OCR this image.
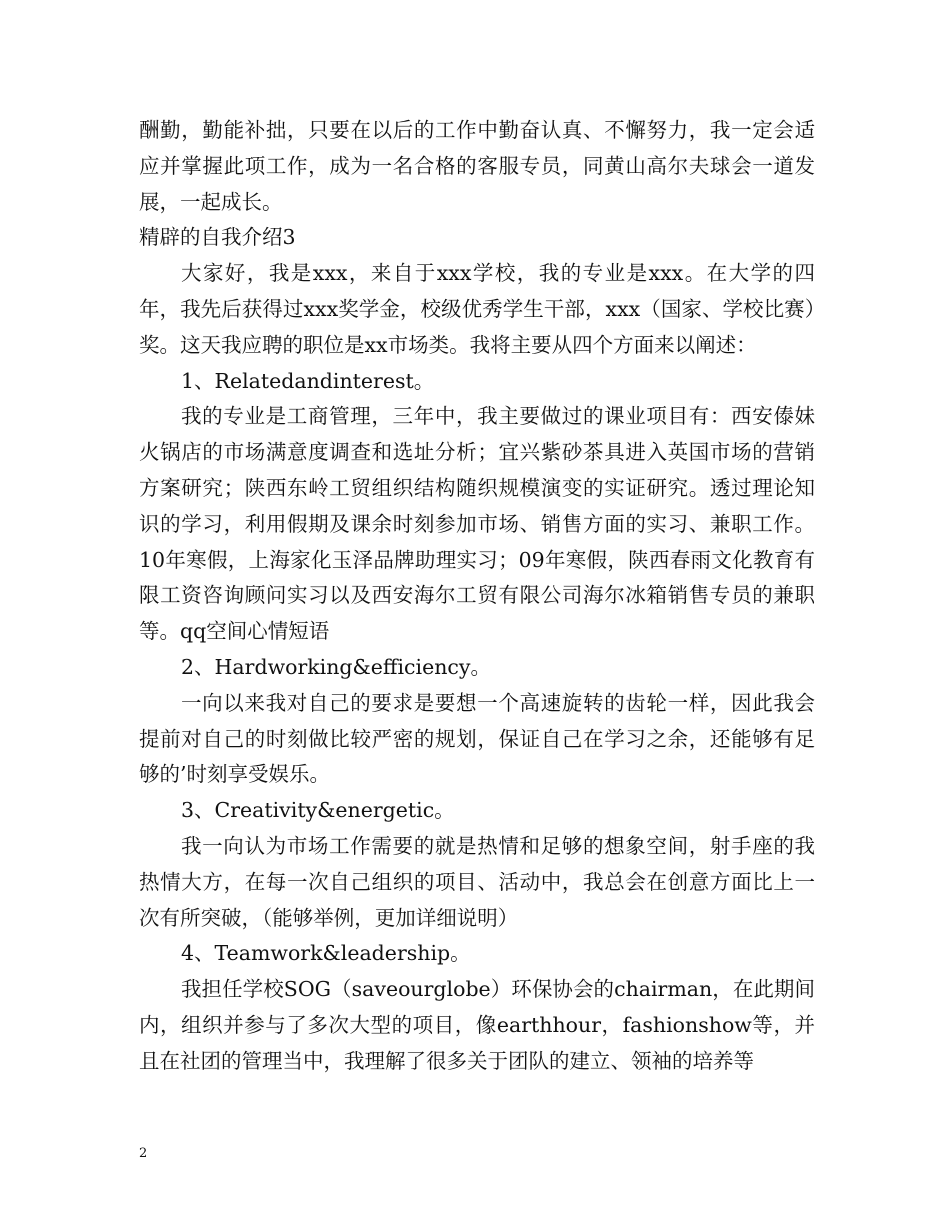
酬勤，勤能补拙，只要在以后的工作中勤奋认真、不懈努力，我一定会适应并掌握此项工作，成为一名合格的客服专员，同黄山高尔夫球会一道发展，一起成长。

精辟的自我介绍3

大家好，我是xxx，来自于xxx学校，我的专业是xxx。在大学的四年，我先后获得过xxx奖学金，校级优秀学生干部，xxx（国家、学校比赛）奖。这天我应聘的职位是xx市场类。我将主要从四个方面来以阐述：

1、Relatedandinterest。

我的专业是工商管理，三年中，我主要做过的课业项目有：西安傣妹火锅店的市场满意度调查和选址分析；宜兴紫砂茶具进入英国市场的营销方案研究；陕西东岭工贸组织结构随织规模演变的实证研究。透过理论知识的学习，利用假期及课余时刻参加市场、销售方面的实习、兼职工作。10年寒假，上海家化玉泽品牌助理实习；09年寒假，陕西春雨文化教育有限工资咨询顾问实习以及西安海尔工贸有限公司海尔冰箱销售专员的兼职等。qq空间心情短语

2、Hardworking&efficiency。

一向以来我对自己的要求是要想一个高速旋转的齿轮一样，因此我会提前对自己的时刻做比较严密的规划，保证自己在学习之余，还能够有足够的’时刻享受娱乐。

3、Creativity&energetic。

我一向认为市场工作需要的就是热情和足够的想象空间，射手座的我热情大方，在每一次自己组织的项目、活动中，我总会在创意方面比上一次有所突破，（能够举例，更加详细说明）

4、Teamwork&leadership。

我担任学校SOG（saveourglobe）环保协会的chairman，在此期间内，组织并参与了多次大型的项目，像earthhour，fashionshow等，并且在社团的管理当中，我理解了很多关于团队的建立、领袖的培养等

2
